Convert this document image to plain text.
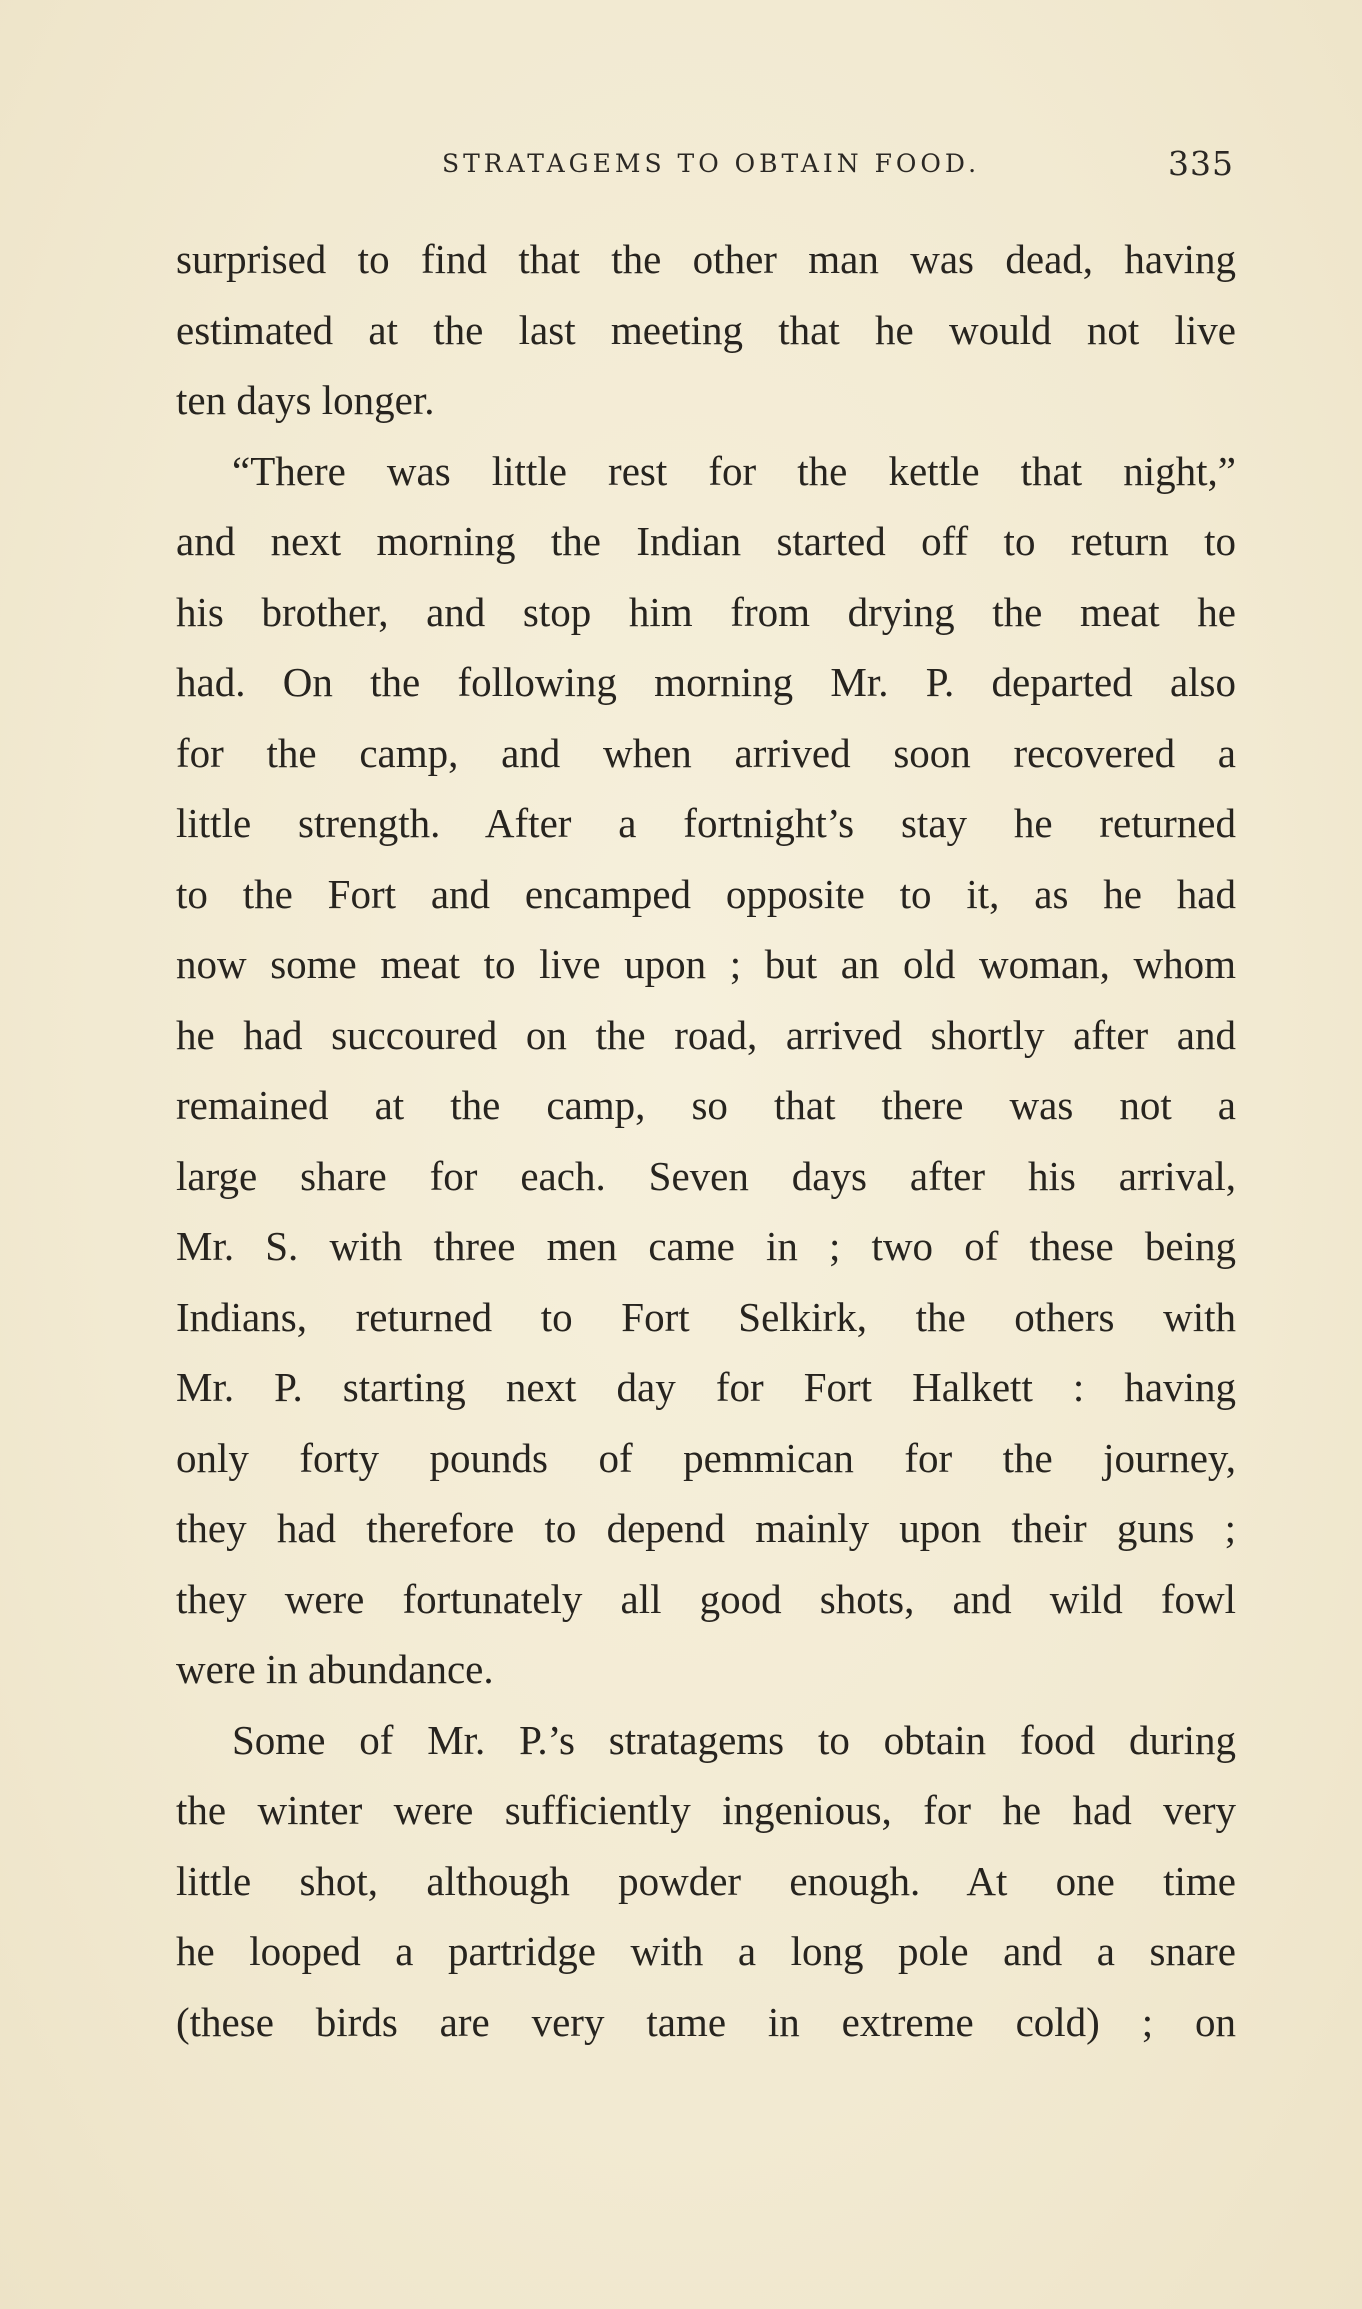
STRATAGEMS TO OBTAIN FOOD.	335
surprised to find that the other man was dead, having
estimated at the last meeting that he would not live
ten days longer.
“There was little rest for the kettle that night,”
and next morning the Indian started off to return to
his brother, and stop him from drying the meat he
had. On the following morning Mr. P. departed also
for the camp, and when arrived soon recovered a
little strength. After a fortnight’s stay he returned
to the Fort and encamped opposite to it, as he had
now some meat to live upon ; but an old woman, whom
he had succoured on the road, arrived shortly after and
remained at the camp, so that there was not a
large share for each. Seven days after his arrival,
Mr. S. with three men came in ; two of these being
Indians, returned to Fort Selkirk, the others with
Mr. P. starting next day for Fort Halkett : having
only forty pounds of pemmican for the journey,
they had therefore to depend mainly upon their guns ;
they were fortunately all good shots, and wild fowl
were in abundance.
Some of Mr. P.’s stratagems to obtain food during
the winter were sufficiently ingenious, for he had very
little shot, although powder enough. At one time
he looped a partridge with a long pole and a snare
(these birds are very tame in extreme cold) ; on
